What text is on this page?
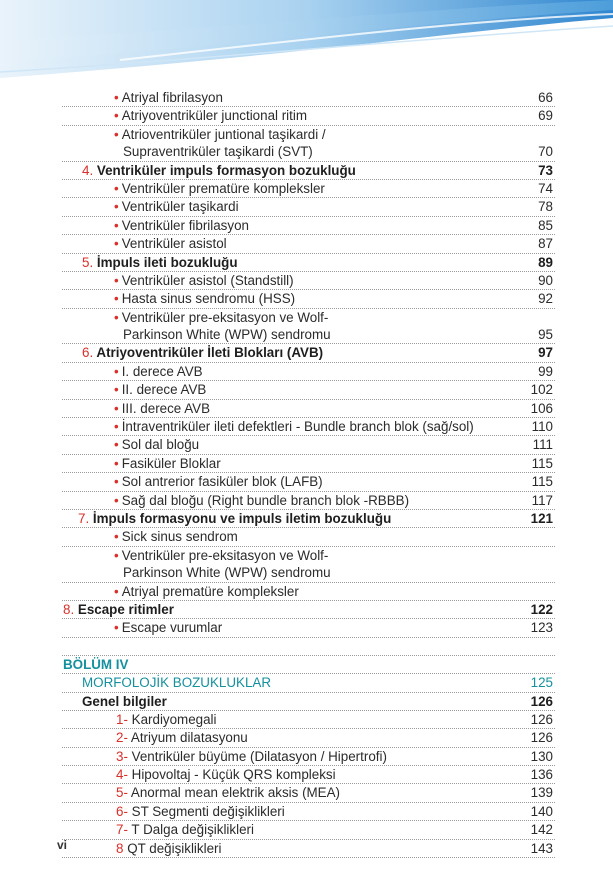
• Atriyal fibrilasyon	66
• Atriyoventriküler junctional ritim	69
• Atrioventriküler juntional taşikardi /
Supraventriküler taşikardi (SVT)	70
4. Ventriküler impuls formasyon bozukluğu	73
• Ventriküler prematüre kompleksler	74
• Ventriküler taşikardi	78
• Ventriküler fibrilasyon	85
• Ventriküler asistol	87
5. İmpuls ileti bozukluğu	89
• Ventriküler asistol (Standstill)	90
• Hasta sinus sendromu (HSS)	92
• Ventriküler pre-eksitasyon ve Wolf-
Parkinson White (WPW) sendromu	95
6. Atriyoventriküler İleti Blokları (AVB)	97
• I. derece AVB	99
• II. derece AVB	102
• III. derece AVB	106
• İntraventriküler ileti defektleri - Bundle branch blok (sağ/sol)	110
• Sol dal bloğu	111
• Fasiküler Bloklar	115
• Sol antrerior fasiküler blok (LAFB)	115
• Sağ dal bloğu (Right bundle branch blok -RBBB)	117
7. İmpuls formasyonu ve impuls iletim bozukluğu	121
• Sick sinus sendrom
• Ventriküler pre-eksitasyon ve Wolf-
Parkinson White (WPW) sendromu
• Atriyal prematüre kompleksler
8. Escape ritimler	122
• Escape vurumlar	123
BÖLÜM IV
MORFOLOJİK BOZUKLUKLAR	125
Genel bilgiler	126
1- Kardiyomegali	126
2- Atriyum dilatasyonu	126
3- Ventriküler büyüme (Dilatasyon / Hipertrofi)	130
4- Hipovoltaj - Küçük QRS kompleksi	136
5- Anormal mean elektrik aksis (MEA)	139
6- ST Segmenti değişiklikleri	140
7- T Dalga değişiklikleri	142
8 QT değişiklikleri	143
vi
